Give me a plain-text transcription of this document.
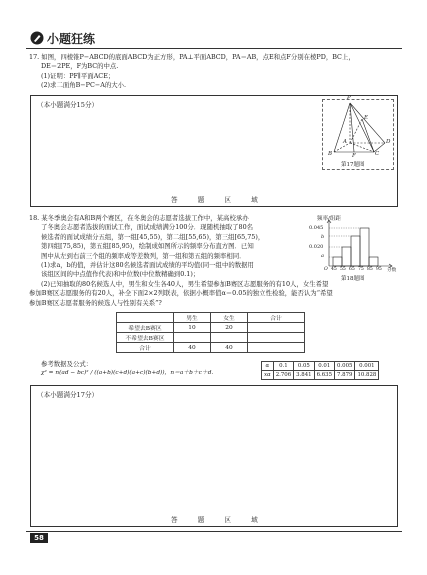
小题狂练
17. 如图，四棱锥P−ABCD的底面ABCD为正方形，PA⊥平面ABCD，PA＝AB，点E和点F分别在棱PD，BC上，
DE＝2PE，F为BC的中点.
(1)证明：PF∥平面ACE；
(2)求二面角B−PC−A的大小.
（本小题满分15分）
P
E
A	D
B	F	C
第17题图
答 题 区 域
18. 某冬季奥会有A和B两个赛区，在冬奥会的志愿者选拔工作中，某高校承办
了冬奥会志愿者选拔的面试工作，面试成绩满分100分．现随机抽取了80名
候选者的面试成绩分五组，第一组[45,55)，第二组[55,65)，第三组[65,75)，
第四组[75,85)，第五组[85,95)，绘制成如图所示的频率分布直方图．已知
图中从左到右前三个组的频率成等差数列，第一组和第五组的频率相同．
(1)求a，b的值，并估计这80名候选者面试成绩的平均值(同一组中的数据用
该组区间的中点值作代表)和中位数(中位数精确到0.1)；
(2)已知抽取的80名候选人中，男生和女生各40人，男生希望参加B赛区志愿服务的有10人，女生希望
参加B赛区志愿服务的有20人，补全下面2×2列联表，依据小概率值α＝0.05的独立性检验，能否认为“希望
参加B赛区志愿者服务的候选人与性别有关系”?
频率/组距
0.045
b
0.020
a
O 45 55 65 75 85 95 分数
第18题图
	男生	女生	合计
希望去B赛区	10	20	
不希望去B赛区			
合计	40	40	
参考数据及公式：
χ² = n(ad − bc)² / ((a+b)(c+d)(a+c)(b+d))，n＝a＋b＋c＋d.
α	0.1	0.05	0.01	0.005	0.001
xα	2.706	3.841	6.635	7.879	10.828
（本小题满分17分）
答 题 区 域
58
